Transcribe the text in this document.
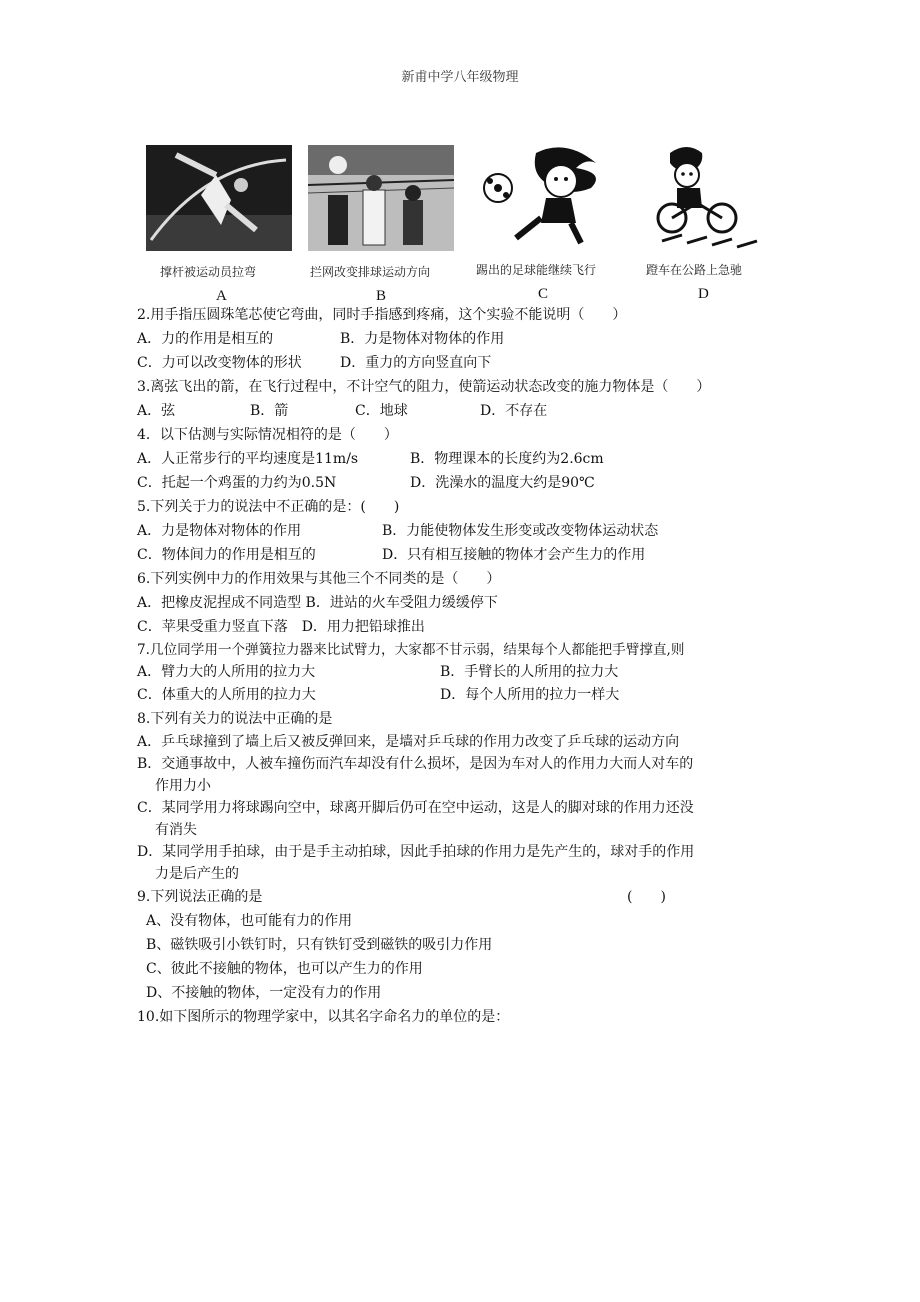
新甫中学八年级物理
撑杆被运动员拉弯
A
拦网改变排球运动方向
B
踢出的足球能继续飞行
C
蹬车在公路上急驰
D
2.用手指压圆珠笔芯使它弯曲，同时手指感到疼痛，这个实验不能说明（　　）
A．力的作用是相互的	B．力是物体对物体的作用
C．力可以改变物体的形状	D．重力的方向竖直向下
3.离弦飞出的箭，在飞行过程中，不计空气的阻力，使箭运动状态改变的施力物体是（　　）
A．弦	B．箭	C．地球	D．不存在
4．以下估测与实际情况相符的是（　　）
A．人正常步行的平均速度是11m/s	B．物理课本的长度约为2.6cm
C．托起一个鸡蛋的力约为0.5N	D．洗澡水的温度大约是90℃
5.下列关于力的说法中不正确的是：(　　)
A．力是物体对物体的作用	B．力能使物体发生形变或改变物体运动状态
C．物体间力的作用是相互的	D．只有相互接触的物体才会产生力的作用
6.下列实例中力的作用效果与其他三个不同类的是（　　）
A．把橡皮泥捏成不同造型 B．进站的火车受阻力缓缓停下
C．苹果受重力竖直下落　D．用力把铅球推出
7.几位同学用一个弹簧拉力器来比试臂力，大家都不甘示弱，结果每个人都能把手臂撑直,则
A．臂力大的人所用的拉力大	B．手臂长的人所用的拉力大
C．体重大的人所用的拉力大	D．每个人所用的拉力一样大
8.下列有关力的说法中正确的是
A．乒乓球撞到了墙上后又被反弹回来，是墙对乒乓球的作用力改变了乒乓球的运动方向
B．交通事故中，人被车撞伤而汽车却没有什么损坏，是因为车对人的作用力大而人对车的
作用力小
C．某同学用力将球踢向空中，球离开脚后仍可在空中运动，这是人的脚对球的作用力还没
有消失
D．某同学用手拍球，由于是手主动拍球，因此手拍球的作用力是先产生的，球对手的作用
力是后产生的
9.下列说法正确的是	(　　)
A、没有物体，也可能有力的作用
B、磁铁吸引小铁钉时，只有铁钉受到磁铁的吸引力作用
C、彼此不接触的物体，也可以产生力的作用
D、不接触的物体，一定没有力的作用
10.如下图所示的物理学家中，以其名字命名力的单位的是：
